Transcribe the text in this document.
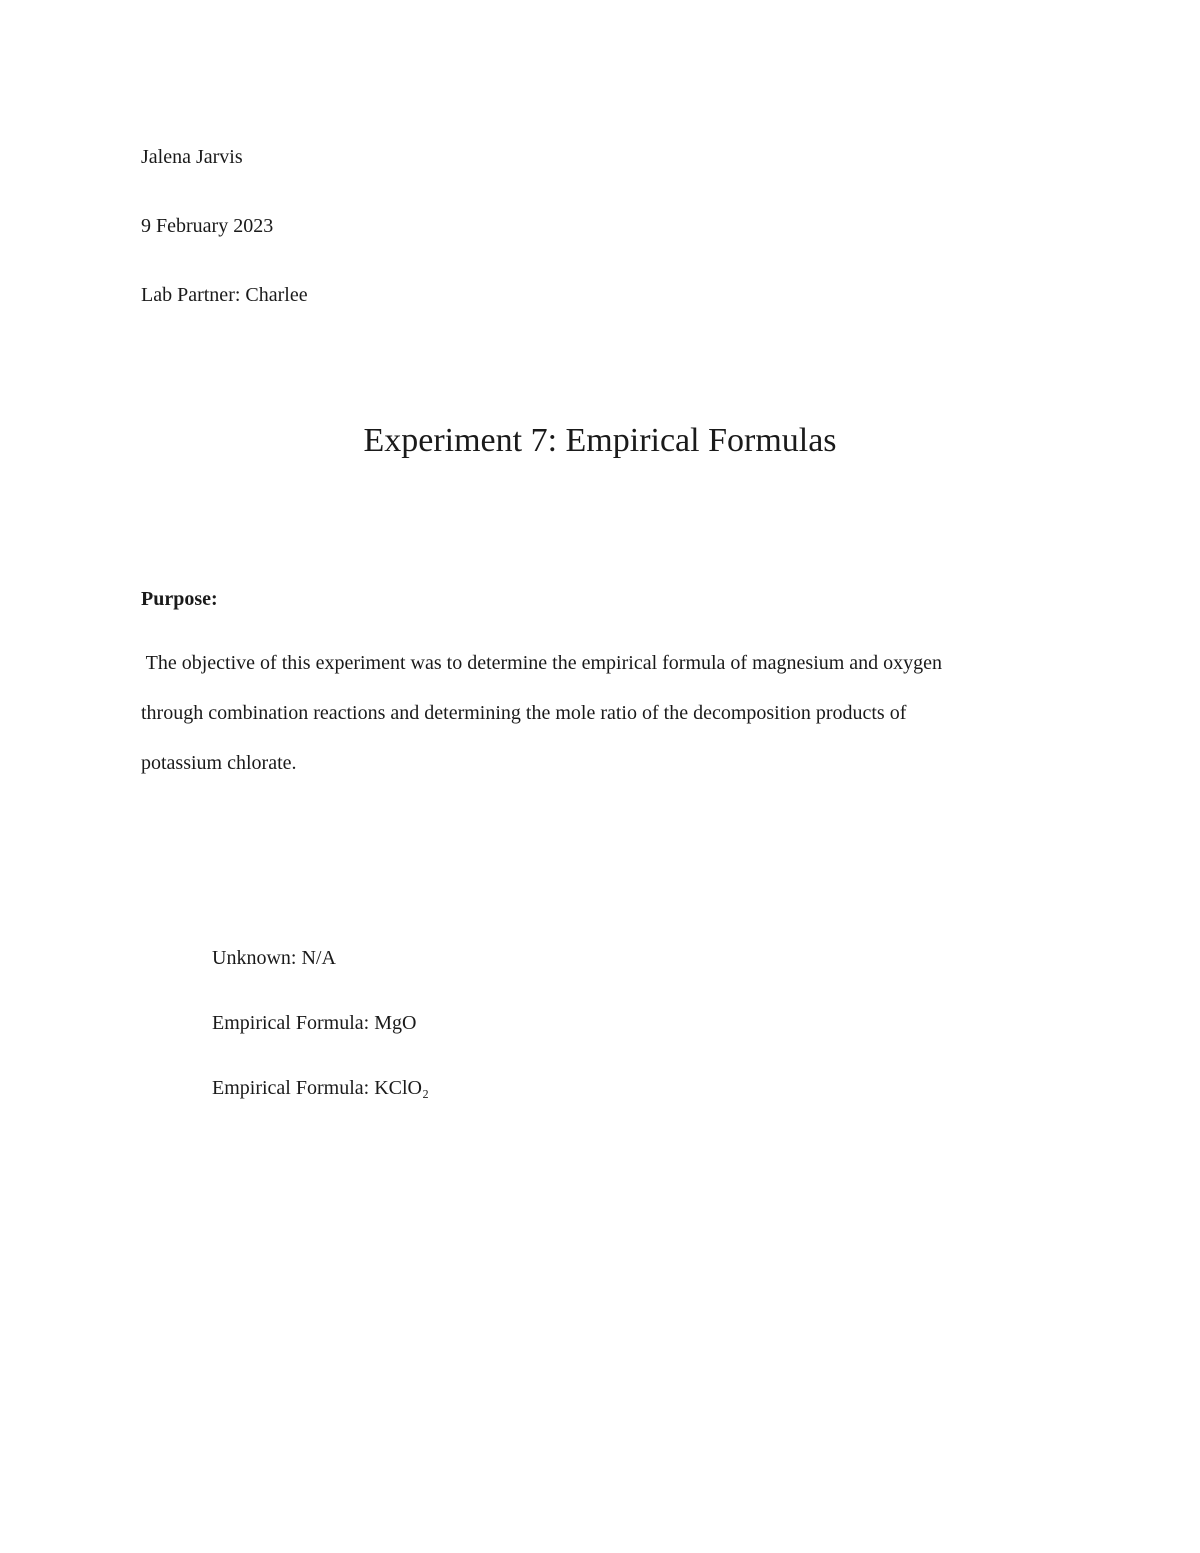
Jalena Jarvis
9 February 2023
Lab Partner: Charlee
Experiment 7: Empirical Formulas
Purpose:
The objective of this experiment was to determine the empirical formula of magnesium and oxygen
through combination reactions and determining the mole ratio of the decomposition products of
potassium chlorate.
Unknown: N/A
Empirical Formula: MgO
Empirical Formula: KClO₂
